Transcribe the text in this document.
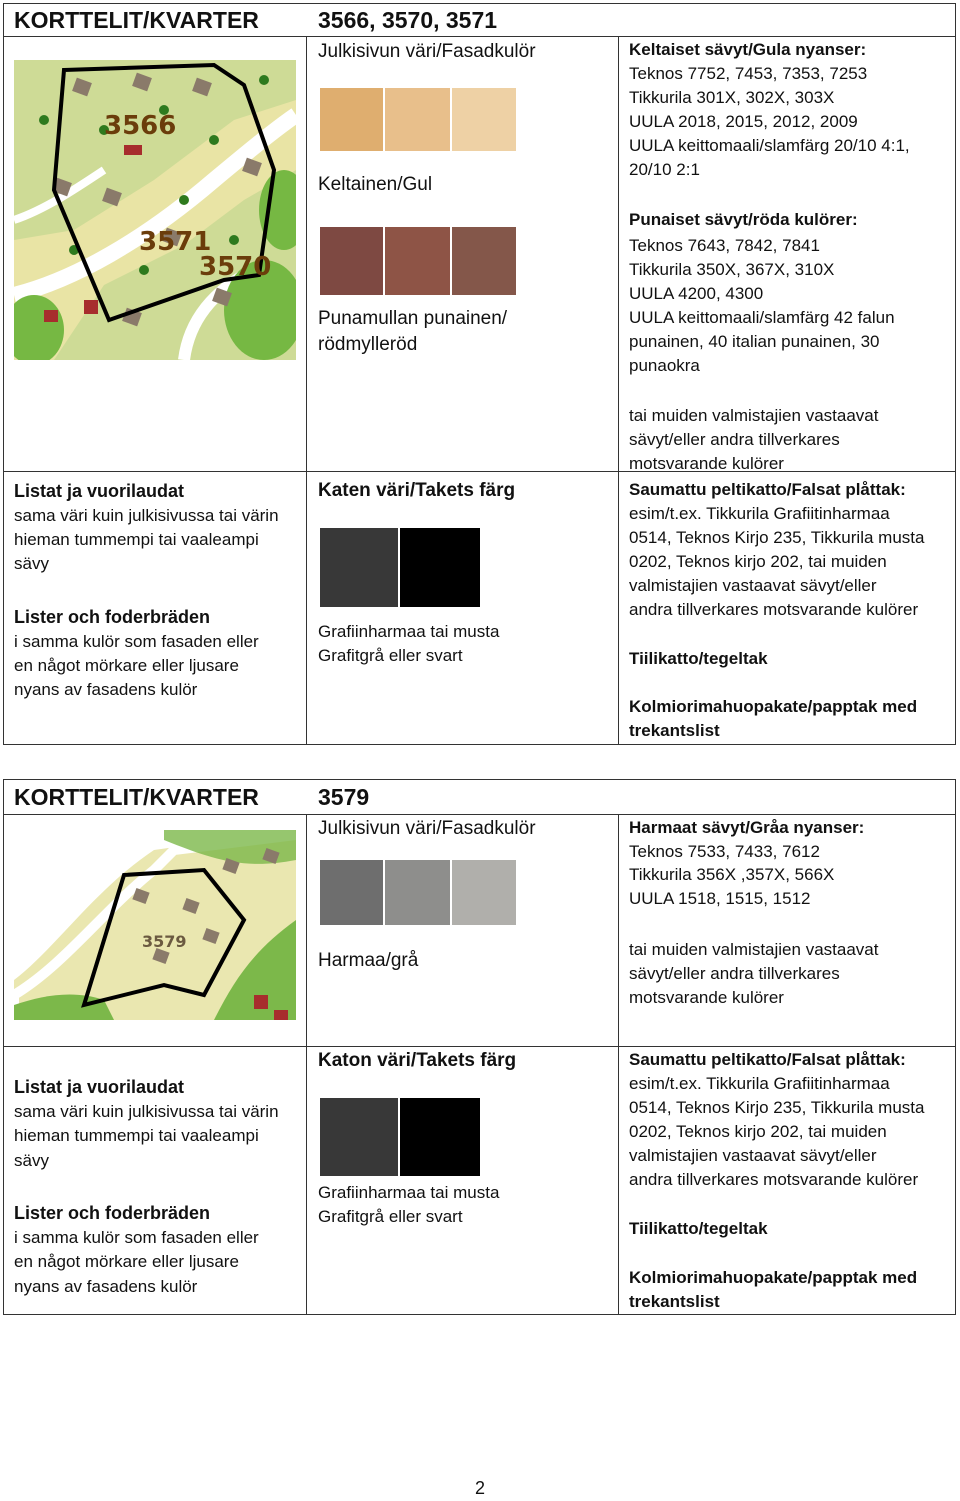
KORTTELIT/KVARTER	3566, 3570, 3571
3566
3571
3570
Julkisivun väri/Fasadkulör
Keltainen/Gul
Punamullan punainen/
rödmylleröd
Keltaiset sävyt/Gula nyanser:
Teknos 7752, 7453, 7353, 7253
Tikkurila 301X, 302X, 303X
UULA 2018, 2015, 2012, 2009
UULA keittomaali/slamfärg 20/10 4:1,
20/10 2:1
Punaiset sävyt/röda kulörer:
Teknos 7643, 7842, 7841
Tikkurila 350X, 367X, 310X
UULA 4200, 4300
UULA keittomaali/slamfärg 42 falun
punainen, 40 italian punainen, 30
punaokra
tai muiden valmistajien vastaavat
sävyt/eller andra tillverkares
motsvarande kulörer
Listat ja vuorilaudat
sama väri kuin julkisivussa tai värin
hieman tummempi tai vaaleampi
sävy
Lister och foderbräden
i samma kulör som fasaden eller
en något mörkare eller ljusare
nyans av fasadens kulör
Katen väri/Takets färg
Grafiinharmaa tai musta
Grafitgrå eller svart
Saumattu peltikatto/Falsat plåttak:
esim/t.ex. Tikkurila Grafiitinharmaa
0514, Teknos Kirjo 235, Tikkurila musta
0202, Teknos kirjo 202, tai muiden
valmistajien vastaavat sävyt/eller
andra tillverkares motsvarande kulörer
Tiilikatto/tegeltak
Kolmiorimahuopakate/papptak med
trekantslist
KORTTELIT/KVARTER	3579
3579
Julkisivun väri/Fasadkulör
Harmaa/grå
Harmaat sävyt/Gråa nyanser:
Teknos 7533, 7433, 7612
Tikkurila 356X ,357X, 566X
UULA 1518, 1515, 1512
tai muiden valmistajien vastaavat
sävyt/eller andra tillverkares
motsvarande kulörer
Listat ja vuorilaudat
sama väri kuin julkisivussa tai värin
hieman tummempi tai vaaleampi
sävy
Lister och foderbräden
i samma kulör som fasaden eller
en något mörkare eller ljusare
nyans av fasadens kulör
Katon väri/Takets färg
Grafiinharmaa tai musta
Grafitgrå eller svart
Saumattu peltikatto/Falsat plåttak:
esim/t.ex. Tikkurila Grafiitinharmaa
0514, Teknos Kirjo 235, Tikkurila musta
0202, Teknos kirjo 202, tai muiden
valmistajien vastaavat sävyt/eller
andra tillverkares motsvarande kulörer
Tiilikatto/tegeltak
Kolmiorimahuopakate/papptak med
trekantslist
2
